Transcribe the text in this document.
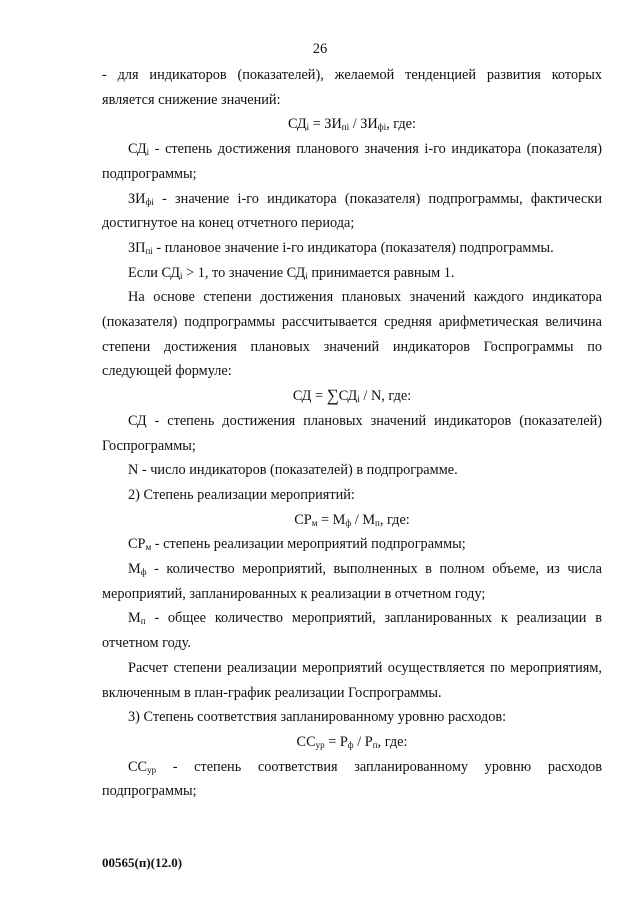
26

- для индикаторов (показателей), желаемой тенденцией развития которых является снижение значений:

$СД_i = ЗИ_{пi} / ЗИ_{фi}$, где:

$СД_i$ - степень достижения планового значения i-го индикатора (показателя) подпрограммы;

$ЗИ_{фi}$ - значение i-го индикатора (показателя) подпрограммы, фактически достигнутое на конец отчетного периода;

$ЗП_{пi}$ - плановое значение i-го индикатора (показателя) подпрограммы.

Если $СД_i > 1$, то значение $СД_i$ принимается равным 1.

На основе степени достижения плановых значений каждого индикатора (показателя) подпрограммы рассчитывается средняя арифметическая величина степени достижения плановых значений индикаторов Госпрограммы по следующей формуле:

СД = $\sum СД_i$ / N, где:

СД - степень достижения плановых значений индикаторов (показателей) Госпрограммы;

N - число индикаторов (показателей) в подпрограмме.

2) Степень реализации мероприятий:

$СР_м = М_ф / М_п$, где:

$СР_м$ - степень реализации мероприятий подпрограммы;

$М_ф$ - количество мероприятий, выполненных в полном объеме, из числа мероприятий, запланированных к реализации в отчетном году;

$М_п$ - общее количество мероприятий, запланированных к реализации в отчетном году.

Расчет степени реализации мероприятий осуществляется по мероприятиям, включенным в план-график реализации Госпрограммы.

3) Степень соответствия запланированному уровню расходов:

$СС_{ур} = Р_ф / Р_п$, где:

$СС_{ур}$ - степень соответствия запланированному уровню расходов подпрограммы;

00565(п)(12.0)
